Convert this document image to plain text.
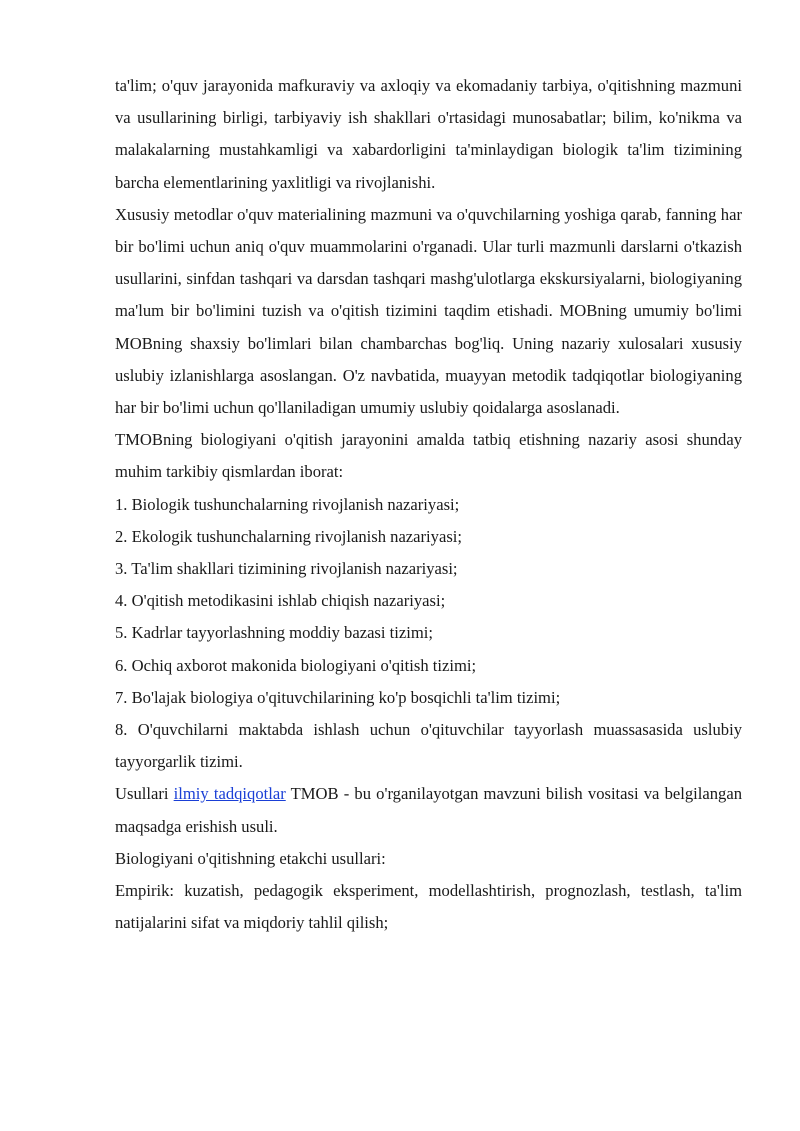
ta'lim; o'quv jarayonida mafkuraviy va axloqiy va ekomadaniy tarbiya, o'qitishning mazmuni va usullarining birligi, tarbiyaviy ish shakllari o'rtasidagi munosabatlar; bilim, ko'nikma va malakalarning mustahkamligi va xabardorligini ta'minlaydigan biologik ta'lim tizimining barcha elementlarining yaxlitligi va rivojlanishi.

Xususiy metodlar o'quv materialining mazmuni va o'quvchilarning yoshiga qarab, fanning har bir bo'limi uchun aniq o'quv muammolarini o'rganadi. Ular turli mazmunli darslarni o'tkazish usullarini, sinfdan tashqari va darsdan tashqari mashg'ulotlarga ekskursiyalarni, biologiyaning ma'lum bir bo'limini tuzish va o'qitish tizimini taqdim etishadi. MOBning umumiy bo'limi MOBning shaxsiy bo'limlari bilan chambarchas bog'liq. Uning nazariy xulosalari xususiy uslubiy izlanishlarga asoslangan. O'z navbatida, muayyan metodik tadqiqotlar biologiyaning har bir bo'limi uchun qo'llaniladigan umumiy uslubiy qoidalarga asoslanadi.

TMOBning biologiyani o'qitish jarayonini amalda tatbiq etishning nazariy asosi shunday muhim tarkibiy qismlardan iborat:

1. Biologik tushunchalarning rivojlanish nazariyasi;

2. Ekologik tushunchalarning rivojlanish nazariyasi;

3. Ta'lim shakllari tizimining rivojlanish nazariyasi;

4. O'qitish metodikasini ishlab chiqish nazariyasi;

5. Kadrlar tayyorlashning moddiy bazasi tizimi;

6. Ochiq axborot makonida biologiyani o'qitish tizimi;

7. Bo'lajak biologiya o'qituvchilarining ko'p bosqichli ta'lim tizimi;

8. O'quvchilarni maktabda ishlash uchun o'qituvchilar tayyorlash muassasasida uslubiy tayyorgarlik tizimi.

Usullari ilmiy tadqiqotlar TMOB - bu o'rganilayotgan mavzuni bilish vositasi va belgilangan maqsadga erishish usuli.

Biologiyani o'qitishning etakchi usullari:

Empirik: kuzatish, pedagogik eksperiment, modellashtirish, prognozlash, testlash, ta'lim natijalarini sifat va miqdoriy tahlil qilish;
